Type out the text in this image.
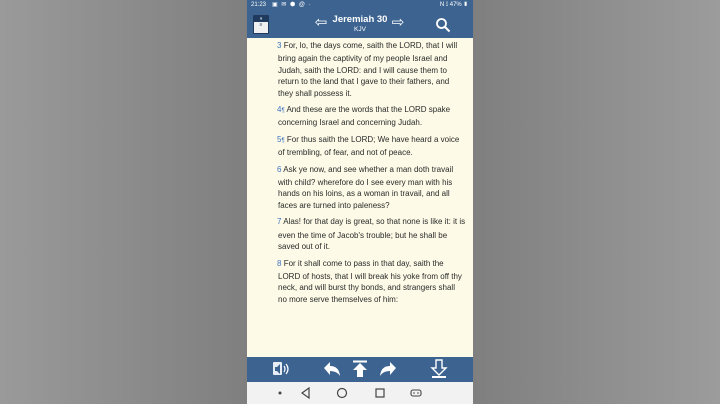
21:23 ▣ ✉ ⬢ @ ·	N ⟟ 47% ▮
✝
≡	⇦ Jeremiah 30
KJV	⇨

3 For, lo, the days come, saith the LORD, that I will bring again the captivity of my people Israel and Judah, saith the LORD: and I will cause them to return to the land that I gave to their fathers, and they shall possess it.

4¶ And these are the words that the LORD spake concerning Israel and concerning Judah.

5¶ For thus saith the LORD; We have heard a voice of trembling, of fear, and not of peace.

6 Ask ye now, and see whether a man doth travail with child? wherefore do I see every man with his hands on his loins, as a woman in travail, and all faces are turned into paleness?

7 Alas! for that day is great, so that none is like it: it is even the time of Jacob's trouble; but he shall be saved out of it.

8 For it shall come to pass in that day, saith the LORD of hosts, that I will break his yoke from off thy neck, and will burst thy bonds, and strangers shall no more serve themselves of him:
